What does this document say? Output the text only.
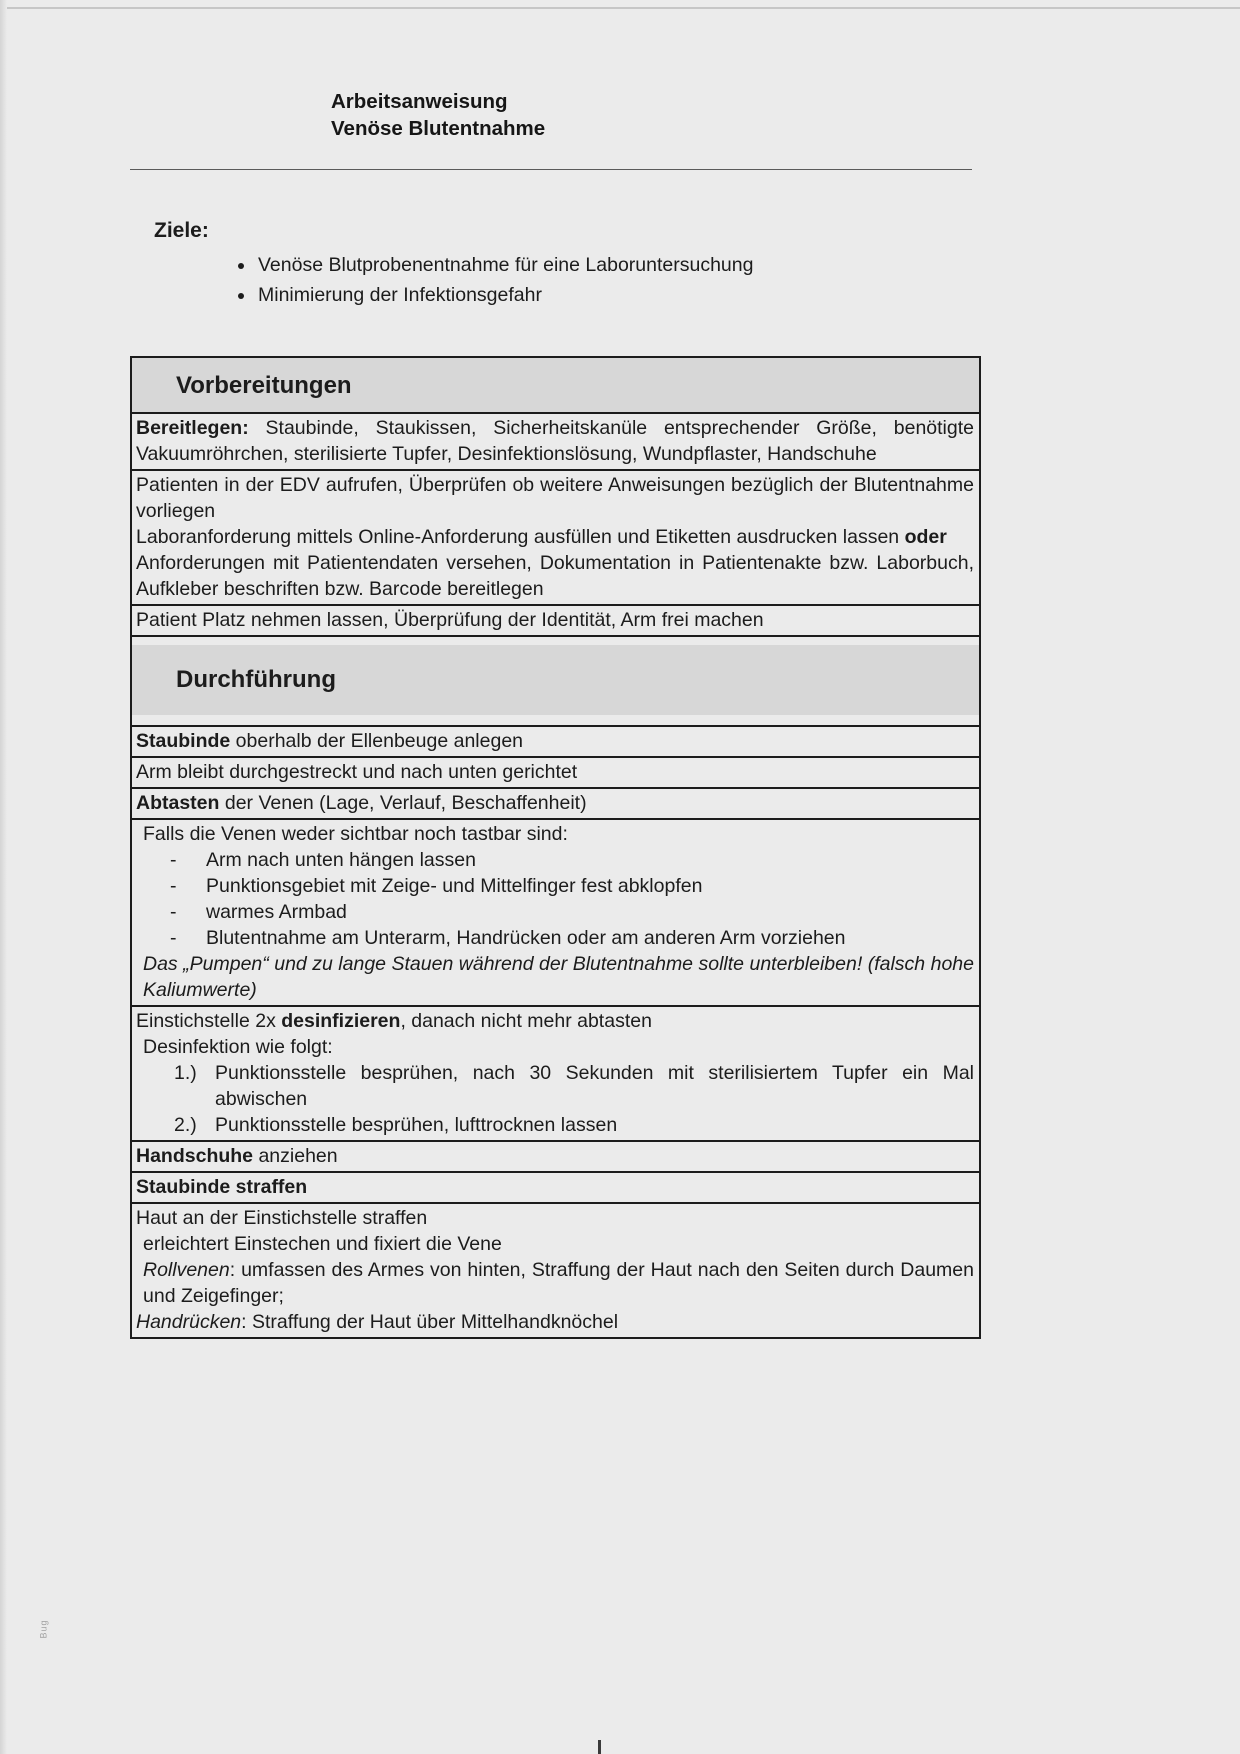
Arbeitsanweisung
Venöse Blutentnahme
Ziele:
• Venöse Blutprobenentnahme für eine Laboruntersuchung
• Minimierung der Infektionsgefahr
Vorbereitungen
Bereitlegen: Staubinde, Staukissen, Sicherheitskanüle entsprechender Größe, benötigte Vakuumröhrchen, sterilisierte Tupfer, Desinfektionslösung, Wundpflaster, Handschuhe

Patienten in der EDV aufrufen, Überprüfen ob weitere Anweisungen bezüglich der Blutentnahme vorliegen

Laboranforderung mittels Online-Anforderung ausfüllen und Etiketten ausdrucken lassen oder

Anforderungen mit Patientendaten versehen, Dokumentation in Patientenakte bzw. Laborbuch, Aufkleber beschriften bzw. Barcode bereitlegen

Patient Platz nehmen lassen, Überprüfung der Identität, Arm frei machen
Durchführung
Staubinde oberhalb der Ellenbeuge anlegen
Arm bleibt durchgestreckt und nach unten gerichtet
Abtasten der Venen (Lage, Verlauf, Beschaffenheit)

Falls die Venen weder sichtbar noch tastbar sind:

-	Arm nach unten hängen lassen
-	Punktionsgebiet mit Zeige- und Mittelfinger fest abklopfen
-	warmes Armbad
-	Blutentnahme am Unterarm, Handrücken oder am anderen Arm vorziehen

Das „Pumpen“ und zu lange Stauen während der Blutentnahme sollte unterbleiben! (falsch hohe Kaliumwerte)

Einstichstelle 2x desinfizieren, danach nicht mehr abtasten

Desinfektion wie folgt:

1.) Punktionsstelle besprühen, nach 30 Sekunden mit sterilisiertem Tupfer ein Mal abwischen
2.) Punktionsstelle besprühen, lufttrocknen lassen
Handschuhe anziehen
Staubinde straffen

Haut an der Einstichstelle straffen

erleichtert Einstechen und fixiert die Vene

Rollvenen: umfassen des Armes von hinten, Straffung der Haut nach den Seiten durch Daumen und Zeigefinger;

Handrücken: Straffung der Haut über Mittelhandknöchel

Bug
